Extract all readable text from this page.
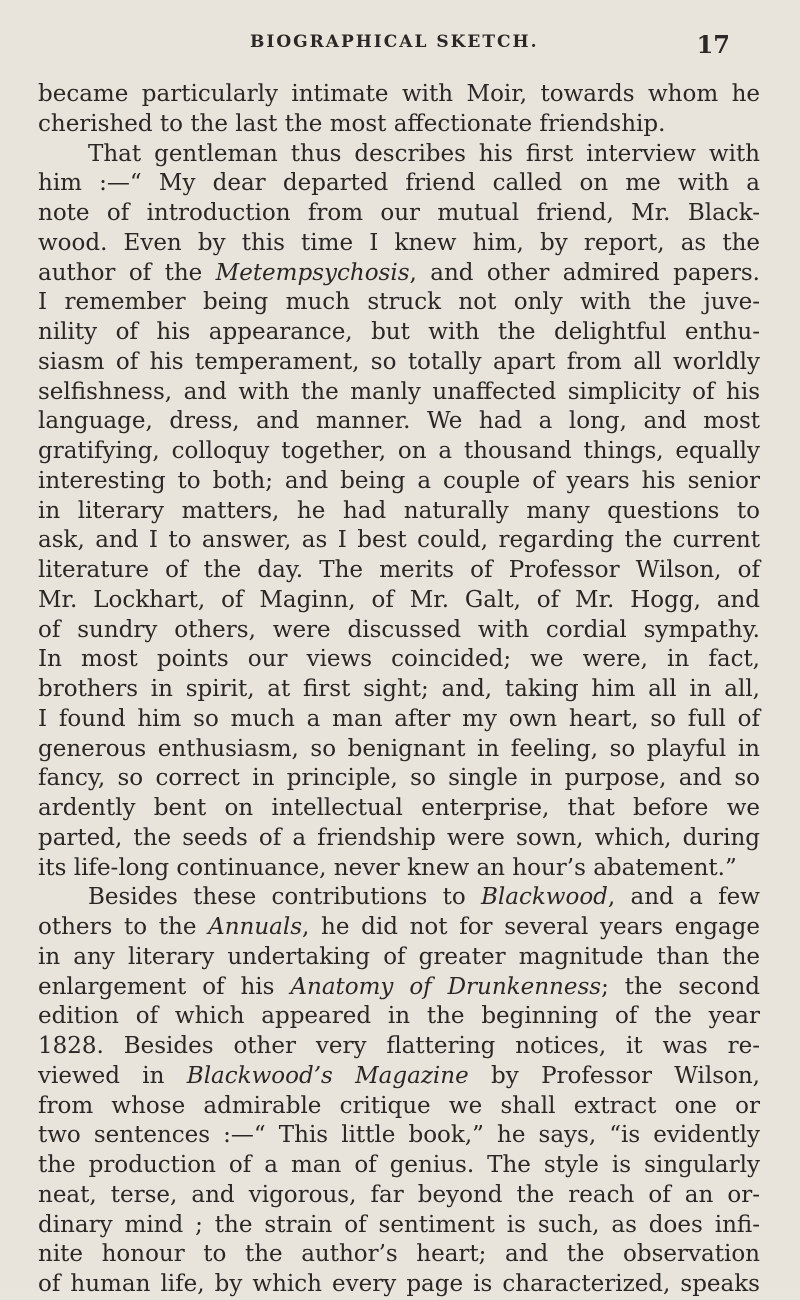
BIOGRAPHICAL SKETCH.	17
became particularly intimate with Moir, towards whom he
cherished to the last the most affectionate friendship.
That gentleman thus describes his first interview with
him :—“ My dear departed friend called on me with a
note of introduction from our mutual friend, Mr. Black-
wood. Even by this time I knew him, by report, as the
author of the Metempsychosis, and other admired papers.
I remember being much struck not only with the juve-
nility of his appearance, but with the delightful enthu-
siasm of his temperament, so totally apart from all worldly
selfishness, and with the manly unaffected simplicity of his
language, dress, and manner. We had a long, and most
gratifying, colloquy together, on a thousand things, equally
interesting to both; and being a couple of years his senior
in literary matters, he had naturally many questions to
ask, and I to answer, as I best could, regarding the current
literature of the day. The merits of Professor Wilson, of
Mr. Lockhart, of Maginn, of Mr. Galt, of Mr. Hogg, and
of sundry others, were discussed with cordial sympathy.
In most points our views coincided; we were, in fact,
brothers in spirit, at first sight; and, taking him all in all,
I found him so much a man after my own heart, so full of
generous enthusiasm, so benignant in feeling, so playful in
fancy, so correct in principle, so single in purpose, and so
ardently bent on intellectual enterprise, that before we
parted, the seeds of a friendship were sown, which, during
its life-long continuance, never knew an hour’s abatement.”
Besides these contributions to Blackwood, and a few
others to the Annuals, he did not for several years engage
in any literary undertaking of greater magnitude than the
enlargement of his Anatomy of Drunkenness; the second
edition of which appeared in the beginning of the year
1828. Besides other very flattering notices, it was re-
viewed in Blackwood’s Magazine by Professor Wilson,
from whose admirable critique we shall extract one or
two sentences :—“ This little book,” he says, “is evidently
the production of a man of genius. The style is singularly
neat, terse, and vigorous, far beyond the reach of an or-
dinary mind ; the strain of sentiment is such, as does infi-
nite honour to the author’s heart; and the observation
of human life, by which every page is characterized, speaks
